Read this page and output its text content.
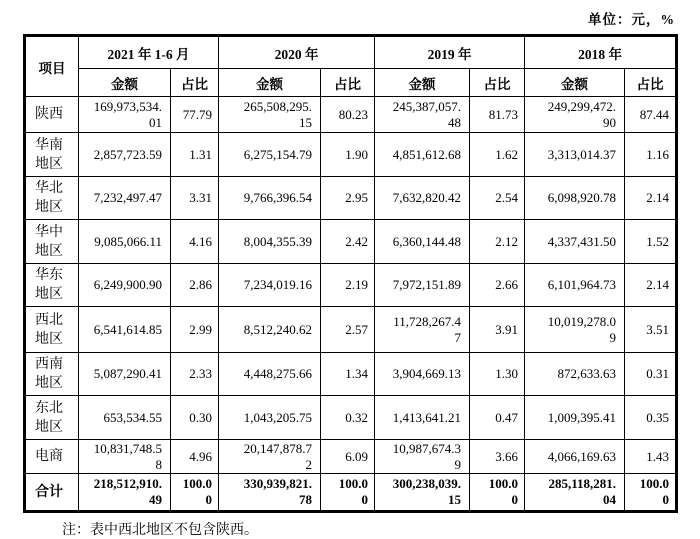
单位：元，%
项目	2021 年 1-6 月		2020 年		2019 年		2018 年	
	金额	占比	金额	占比	金额	占比	金额	占比
陕西	169,973,534.01	77.79	265,508,295.15	80.23	245,387,057.48	81.73	249,299,472.90	87.44

华南地区	2,857,723.59	1.31	6,275,154.79	1.90	4,851,612.68	1.62	3,313,014.37	1.16

华北地区	7,232,497.47	3.31	9,766,396.54	2.95	7,632,820.42	2.54	6,098,920.78	2.14

华中地区	9,085,066.11	4.16	8,004,355.39	2.42	6,360,144.48	2.12	4,337,431.50	1.52

华东地区	6,249,900.90	2.86	7,234,019.16	2.19	7,972,151.89	2.66	6,101,964.73	2.14

西北地区	6,541,614.85	2.99	8,512,240.62	2.57	11,728,267.47	3.91	10,019,278.09	3.51

西南地区	5,087,290.41	2.33	4,448,275.66	1.34	3,904,669.13	1.30	872,633.63	0.31

东北地区	653,534.55	0.30	1,043,205.75	0.32	1,413,641.21	0.47	1,009,395.41	0.35

电商	10,831,748.58	4.96	20,147,878.72	6.09	10,987,674.39	3.66	4,066,169.63	1.43

合计	218,512,910.49	100.00	330,939,821.78	100.00	300,238,039.15	100.00	285,118,281.04	100.00
注：表中西北地区不包含陕西。
